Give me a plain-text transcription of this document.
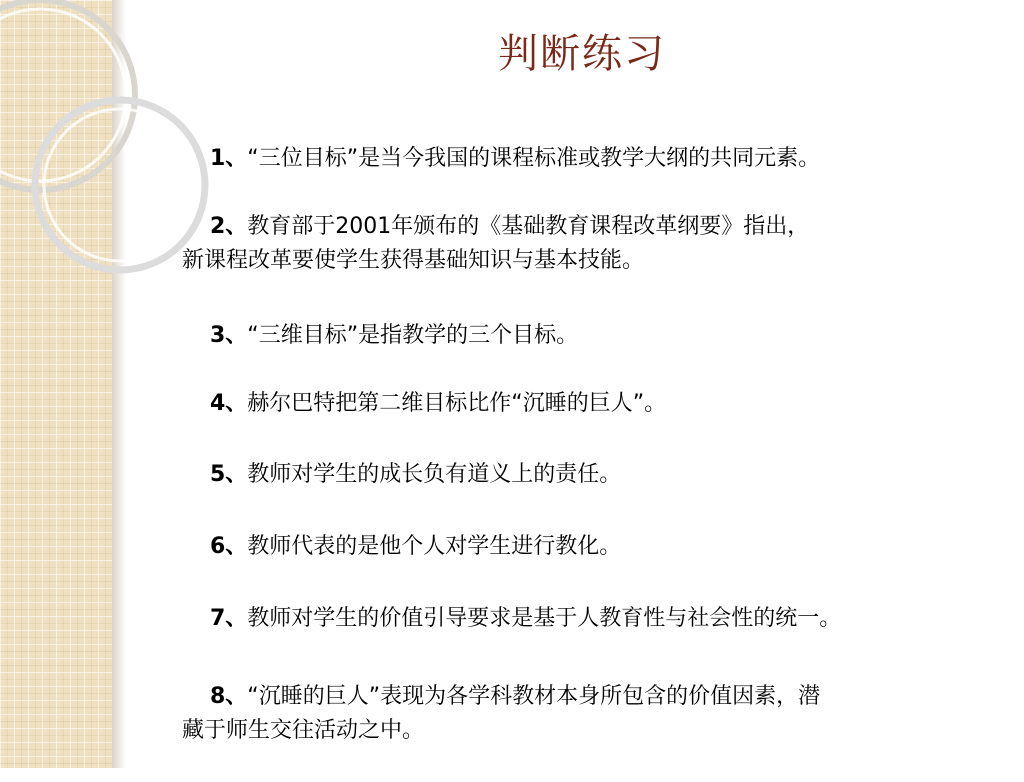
判断练习

1、“三位目标”是当今我国的课程标准或教学大纲的共同元素。

2、教育部于2001年颁布的《基础教育课程改革纲要》指出，
新课程改革要使学生获得基础知识与基本技能。

3、“三维目标”是指教学的三个目标。

4、赫尔巴特把第二维目标比作“沉睡的巨人”。

5、教师对学生的成长负有道义上的责任。

6、教师代表的是他个人对学生进行教化。

7、教师对学生的价值引导要求是基于人教育性与社会性的统一。

8、“沉睡的巨人”表现为各学科教材本身所包含的价值因素，潜
藏于师生交往活动之中。
